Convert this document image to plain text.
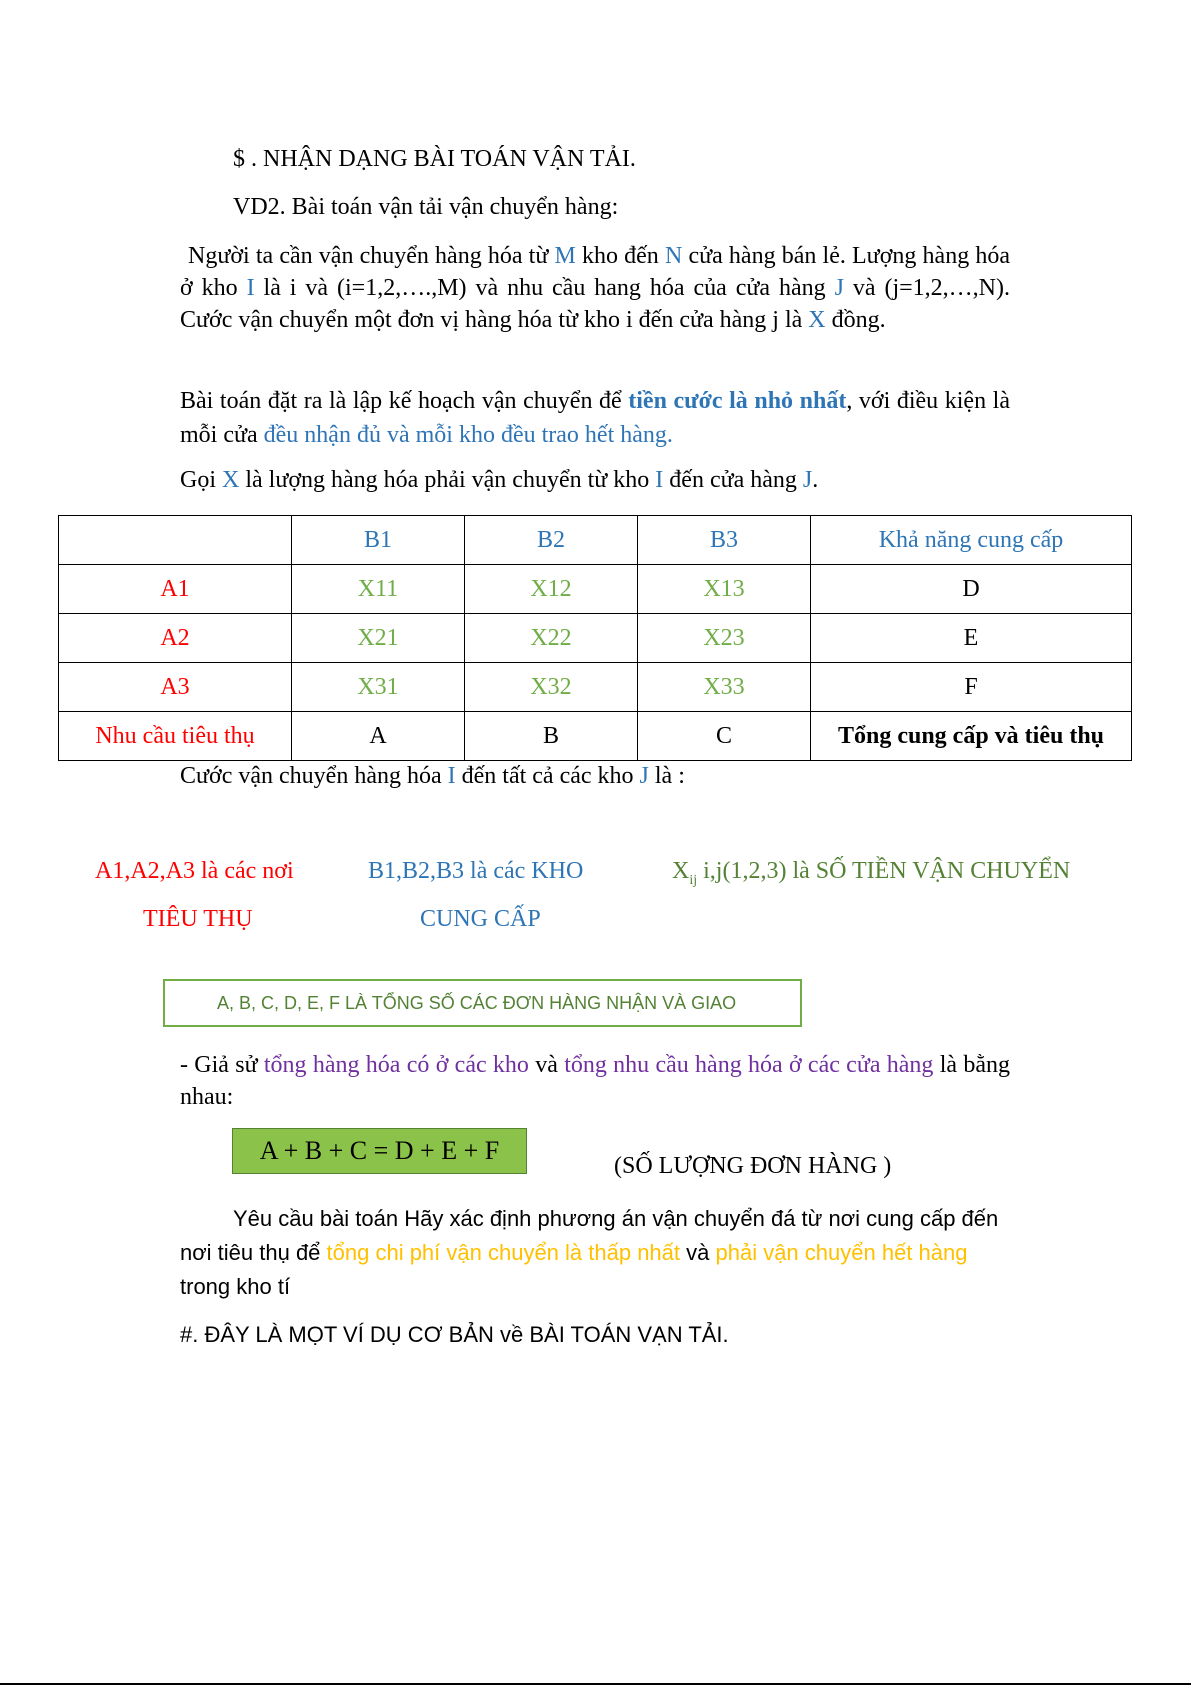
$ . NHẬN DẠNG BÀI TOÁN VẬN TẢI.
VD2. Bài toán vận tải vận chuyển hàng:
Người ta cần vận chuyển hàng hóa từ M kho đến N cửa hàng bán lẻ. Lượng hàng hóa ở kho I là i và (i=1,2,….,M) và nhu cầu hang hóa của cửa hàng J và (j=1,2,…,N). Cước vận chuyển một đơn vị hàng hóa từ kho i đến cửa hàng j là X đồng.
Bài toán đặt ra là lập kế hoạch vận chuyển để tiền cước là nhỏ nhất, với điều kiện là mỗi cửa đều nhận đủ và mỗi kho đều trao hết hàng.
Gọi X là lượng hàng hóa phải vận chuyển từ kho I đến cửa hàng J.
	B1	B2	B3	Khả năng cung cấp
A1	X11	X12	X13	D
A2	X21	X22	X23	E
A3	X31	X32	X33	F
Nhu cầu tiêu thụ	A	B	C	Tổng cung cấp và tiêu thụ
Cước vận chuyển hàng hóa I đến tất cả các kho J là :
A1,A2,A3 là các nơi
TIÊU THỤ
B1,B2,B3 là các KHO
CUNG CẤP
$X_{ij}$ i,j(1,2,3) là SỐ TIỀN VẬN CHUYỂN
A, B, C, D, E, F LÀ TỔNG SỐ CÁC ĐƠN HÀNG NHẬN VÀ GIAO
- Giả sử tổng hàng hóa có ở các kho và tổng nhu cầu hàng hóa ở các cửa hàng là bằng nhau:
A + B + C = D + E + F
(SỐ LƯỢNG ĐƠN HÀNG )
Yêu cầu bài toán Hãy xác định phương án vận chuyển đá từ nơi cung cấp đến nơi tiêu thụ để tổng chi phí vận chuyển là thấp nhất và phải vận chuyển hết hàng trong kho tí
#. ĐÂY LÀ MỌT VÍ DỤ CƠ BẢN về BÀI TOÁN VẠN TẢI.
